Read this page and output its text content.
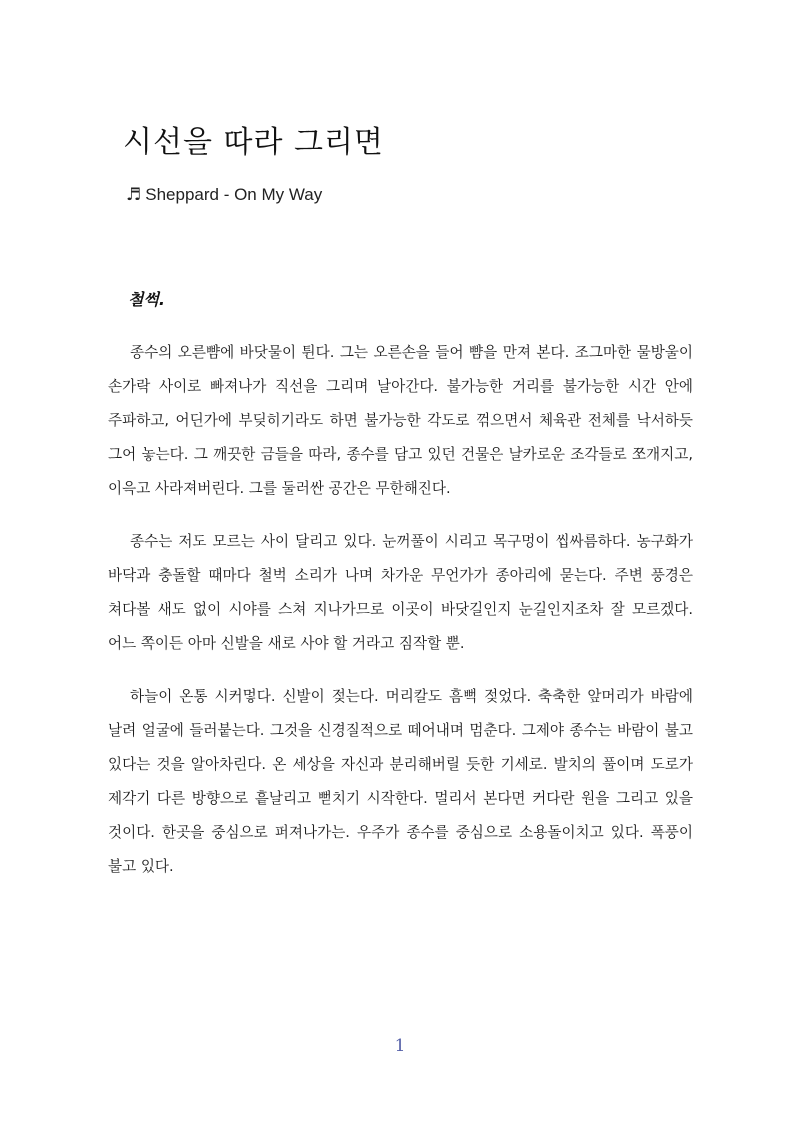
시선을 따라 그리면
♬ Sheppard - On My Way
철썩.

종수의 오른뺨에 바닷물이 튄다. 그는 오른손을 들어 뺨을 만져 본다. 조그마한 물방울이 손가락 사이로 빠져나가 직선을 그리며 날아간다. 불가능한 거리를 불가능한 시간 안에 주파하고, 어딘가에 부딪히기라도 하면 불가능한 각도로 꺾으면서 체육관 전체를 낙서하듯 그어 놓는다. 그 깨끗한 금들을 따라, 종수를 담고 있던 건물은 날카로운 조각들로 쪼개지고, 이윽고 사라져버린다. 그를 둘러싼 공간은 무한해진다.

종수는 저도 모르는 사이 달리고 있다. 눈꺼풀이 시리고 목구멍이 씹싸름하다. 농구화가 바닥과 충돌할 때마다 철벅 소리가 나며 차가운 무언가가 종아리에 묻는다. 주변 풍경은 쳐다볼 새도 없이 시야를 스쳐 지나가므로 이곳이 바닷길인지 눈길인지조차 잘 모르겠다. 어느 쪽이든 아마 신발을 새로 사야 할 거라고 짐작할 뿐.

하늘이 온통 시커멓다. 신발이 젖는다. 머리칼도 흠뻑 젖었다. 축축한 앞머리가 바람에 날려 얼굴에 들러붙는다. 그것을 신경질적으로 떼어내며 멈춘다. 그제야 종수는 바람이 불고 있다는 것을 알아차린다. 온 세상을 자신과 분리해버릴 듯한 기세로. 발치의 풀이며 도로가 제각기 다른 방향으로 흩날리고 뻗치기 시작한다. 멀리서 본다면 커다란 원을 그리고 있을 것이다. 한곳을 중심으로 퍼져나가는. 우주가 종수를 중심으로 소용돌이치고 있다. 폭풍이 불고 있다.

1
